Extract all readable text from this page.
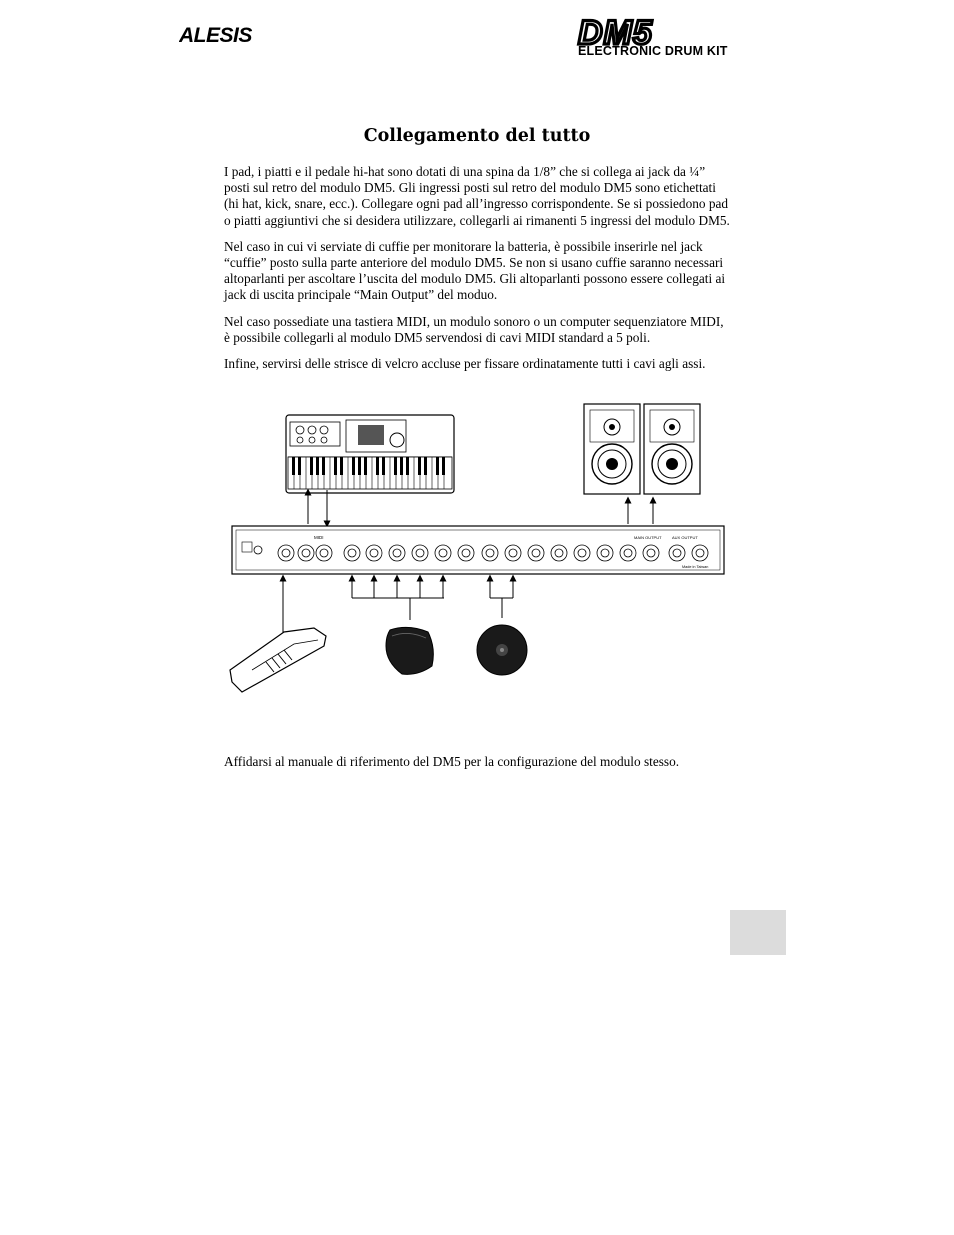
ALESIS	DM5
ELECTRONIC DRUM KIT
Collegamento del tutto

I pad, i piatti e il pedale hi-hat sono dotati di una spina da 1/8” che si collega ai jack da ¼” posti sul retro del modulo DM5. Gli ingressi posti sul retro del modulo DM5 sono etichettati (hi hat, kick, snare, ecc.). Collegare ogni pad all’ingresso corrispondente. Se si possiedono pad o piatti aggiuntivi che si desidera utilizzare, collegarli ai rimanenti 5 ingressi del modulo DM5.

Nel caso in cui vi serviate di cuffie per monitorare la batteria, è possibile inserirle nel jack “cuffie” posto sulla parte anteriore del modulo DM5. Se non si usano cuffie saranno necessari altoparlanti per ascoltare l’uscita del modulo DM5. Gli altoparlanti possono essere collegati ai jack di uscita principale “Main Output” del moduo.

Nel caso possediate una tastiera MIDI, un modulo sonoro o un computer sequenziatore MIDI, è possibile collegarli al modulo DM5 servendosi di cavi MIDI standard a 5 poli.

Infine, servirsi delle strisce di velcro accluse per fissare ordinatamente tutti i cavi agli assi.

MIDI	MAIN OUTPUT	AUX OUTPUT
Made in Taiwan
Affidarsi al manuale di riferimento del DM5 per la configurazione del modulo stesso.
